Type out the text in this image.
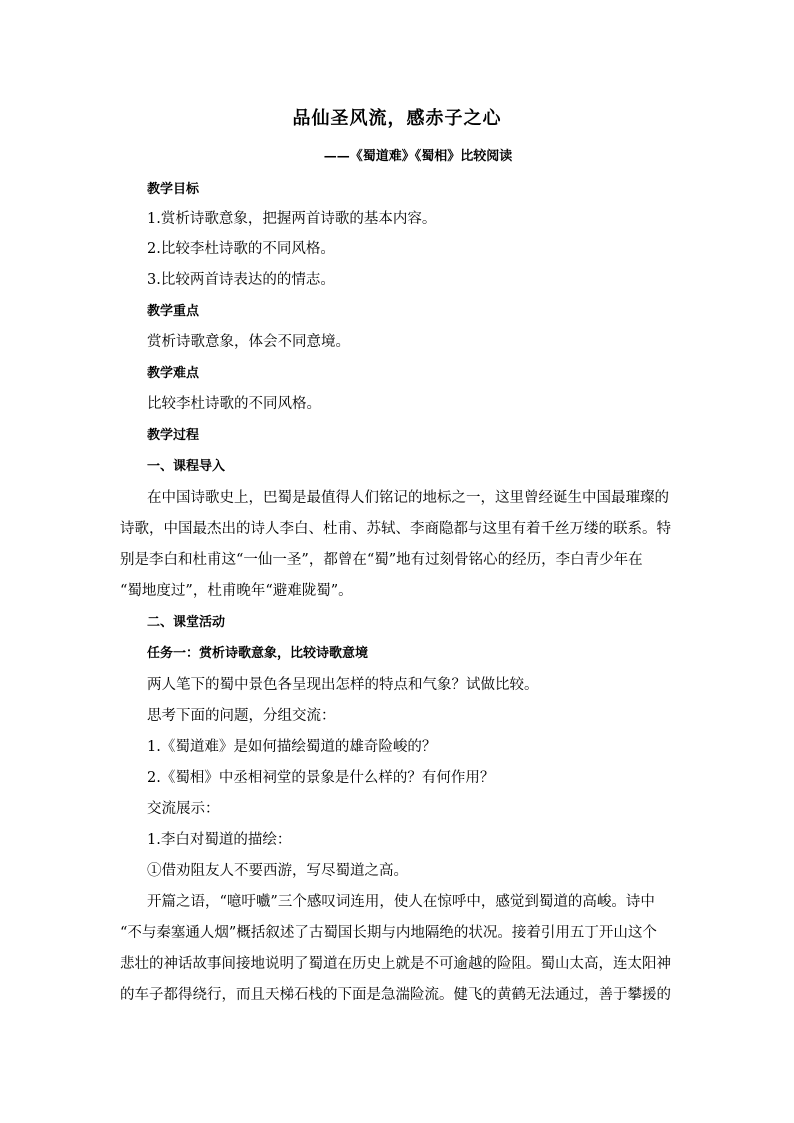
品仙圣风流，感赤子之心
——《蜀道难》《蜀相》比较阅读
教学目标
1.赏析诗歌意象，把握两首诗歌的基本内容。
2.比较李杜诗歌的不同风格。
3.比较两首诗表达的的情志。
教学重点
赏析诗歌意象，体会不同意境。
教学难点
比较李杜诗歌的不同风格。
教学过程
一、课程导入
在中国诗歌史上，巴蜀是最值得人们铭记的地标之一，这里曾经诞生中国最璀璨的
诗歌，中国最杰出的诗人李白、杜甫、苏轼、李商隐都与这里有着千丝万缕的联系。特
别是李白和杜甫这“一仙一圣”，都曾在“蜀”地有过刻骨铭心的经历，李白青少年在
“蜀地度过”，杜甫晚年“避难陇蜀”。
二、课堂活动
任务一：赏析诗歌意象，比较诗歌意境
两人笔下的蜀中景色各呈现出怎样的特点和气象？试做比较。
思考下面的问题，分组交流：
1.《蜀道难》是如何描绘蜀道的雄奇险峻的？
2.《蜀相》中丞相祠堂的景象是什么样的？有何作用？
交流展示：
1.李白对蜀道的描绘：
①借劝阻友人不要西游，写尽蜀道之高。
开篇之语，“噫吁嚱”三个感叹词连用，使人在惊呼中，感觉到蜀道的高峻。诗中
“不与秦塞通人烟”概括叙述了古蜀国长期与内地隔绝的状况。接着引用五丁开山这个
悲壮的神话故事间接地说明了蜀道在历史上就是不可逾越的险阻。蜀山太高，连太阳神
的车子都得绕行，而且天梯石栈的下面是急湍险流。健飞的黄鹤无法通过，善于攀援的
